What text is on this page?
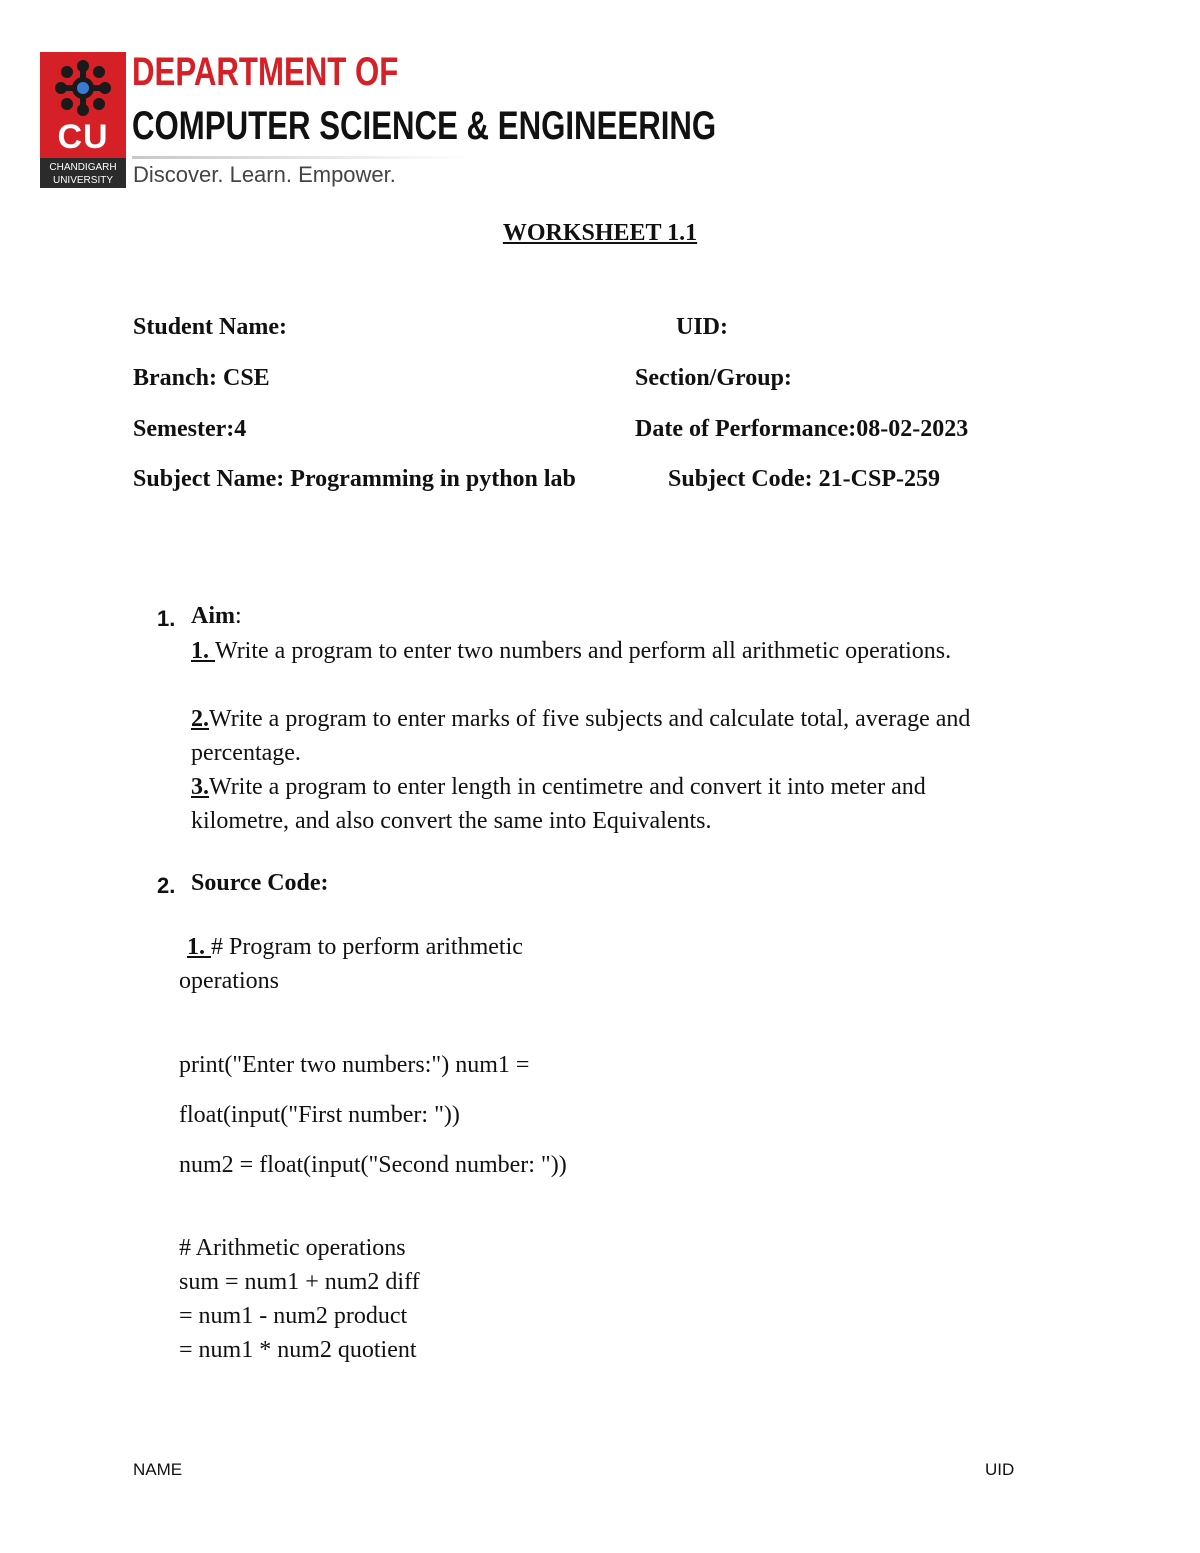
CU
CHANDIGARH
UNIVERSITY
DEPARTMENT OF
COMPUTER SCIENCE & ENGINEERING
Discover. Learn. Empower.
WORKSHEET 1.1
Student Name:	UID:
Branch: CSE	Section/Group:
Semester:4	Date of Performance:08-02-2023
Subject Name: Programming in python lab	Subject Code: 21-CSP-259
1. Aim:
1. Write a program to enter two numbers and perform all arithmetic operations.
2.Write a program to enter marks of five subjects and calculate total, average and percentage.
3.Write a program to enter length in centimetre and convert it into meter and kilometre, and also convert the same into Equivalents.
2. Source Code:
1. # Program to perform arithmetic
operations
print("Enter two numbers:") num1 =
float(input("First number: "))
num2 = float(input("Second number: "))
# Arithmetic operations
sum = num1 + num2 diff
= num1 - num2 product
= num1 * num2 quotient
NAME	UID
